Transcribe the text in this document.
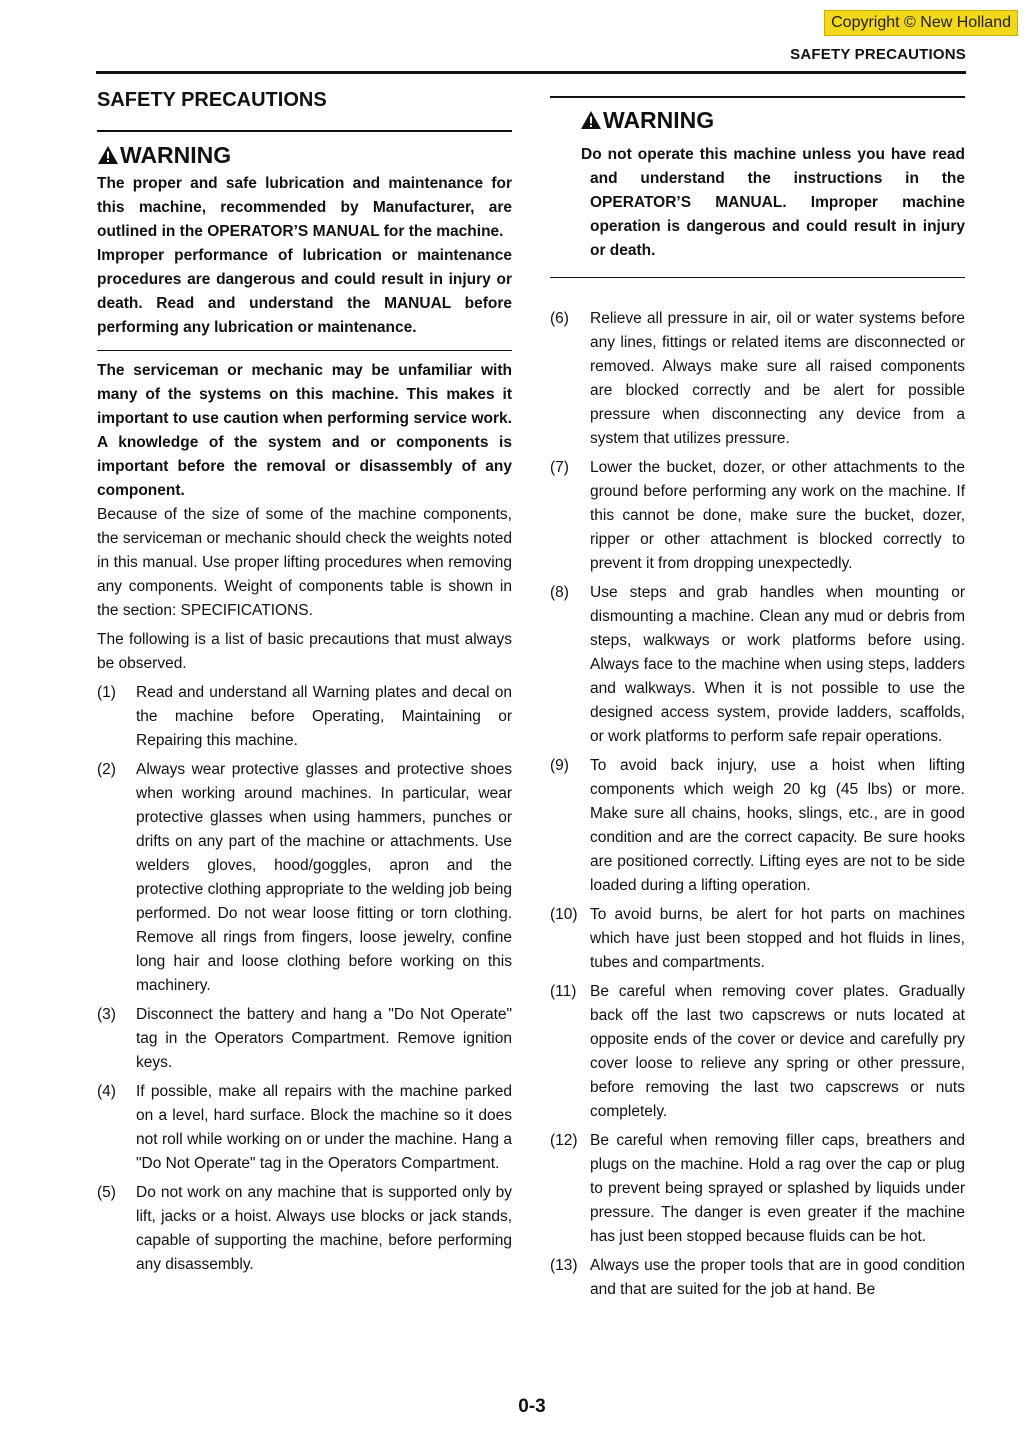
Copyright © New Holland
SAFETY PRECAUTIONS
SAFETY PRECAUTIONS
WARNING

The proper and safe lubrication and maintenance for this machine, recommended by Manufacturer, are outlined in the OPERATOR’S MANUAL for the machine.

Improper performance of lubrication or maintenance procedures are dangerous and could result in injury or death. Read and understand the MANUAL before performing any lubrication or maintenance.

The serviceman or mechanic may be unfamiliar with many of the systems on this machine. This makes it important to use caution when performing service work. A knowledge of the system and or components is important before the removal or disassembly of any component.

Because of the size of some of the machine components, the serviceman or mechanic should check the weights noted in this manual. Use proper lifting procedures when removing any components. Weight of components table is shown in the section: SPECIFICATIONS.

The following is a list of basic precautions that must always be observed.

(1)	Read and understand all Warning plates and decal on the machine before Operating, Maintaining or Repairing this machine.
(2)	Always wear protective glasses and protective shoes when working around machines. In particular, wear protective glasses when using hammers, punches or drifts on any part of the machine or attachments. Use welders gloves, hood/goggles, apron and the protective clothing appropriate to the welding job being performed. Do not wear loose fitting or torn clothing. Remove all rings from fingers, loose jewelry, confine long hair and loose clothing before working on this machinery.
(3)	Disconnect the battery and hang a "Do Not Operate" tag in the Operators Compartment. Remove ignition keys.
(4)	If possible, make all repairs with the machine parked on a level, hard surface. Block the machine so it does not roll while working on or under the machine. Hang a "Do Not Operate" tag in the Operators Compartment.
(5)	Do not work on any machine that is supported only by lift, jacks or a hoist. Always use blocks or jack stands, capable of supporting the machine, before performing any disassembly.
WARNING

Do not operate this machine unless you have read and understand the instructions in the OPERATOR’S MANUAL. Improper machine operation is dangerous and could result in injury or death.

(6)	Relieve all pressure in air, oil or water systems before any lines, fittings or related items are disconnected or removed. Always make sure all raised components are blocked correctly and be alert for possible pressure when disconnecting any device from a system that utilizes pressure.
(7)	Lower the bucket, dozer, or other attachments to the ground before performing any work on the machine. If this cannot be done, make sure the bucket, dozer, ripper or other attachment is blocked correctly to prevent it from dropping unexpectedly.
(8)	Use steps and grab handles when mounting or dismounting a machine. Clean any mud or debris from steps, walkways or work platforms before using. Always face to the machine when using steps, ladders and walkways. When it is not possible to use the designed access system, provide ladders, scaffolds, or work platforms to perform safe repair operations.
(9)	To avoid back injury, use a hoist when lifting components which weigh 20 kg (45 lbs) or more. Make sure all chains, hooks, slings, etc., are in good condition and are the correct capacity. Be sure hooks are positioned correctly. Lifting eyes are not to be side loaded during a lifting operation.
(10) To avoid burns, be alert for hot parts on machines which have just been stopped and hot fluids in lines, tubes and compartments.
(11) Be careful when removing cover plates. Gradually back off the last two capscrews or nuts located at opposite ends of the cover or device and carefully pry cover loose to relieve any spring or other pressure, before removing the last two capscrews or nuts completely.
(12) Be careful when removing filler caps, breathers and plugs on the machine. Hold a rag over the cap or plug to prevent being sprayed or splashed by liquids under pressure. The danger is even greater if the machine has just been stopped because fluids can be hot.
(13) Always use the proper tools that are in good condition and that are suited for the job at hand. Be
0-3
